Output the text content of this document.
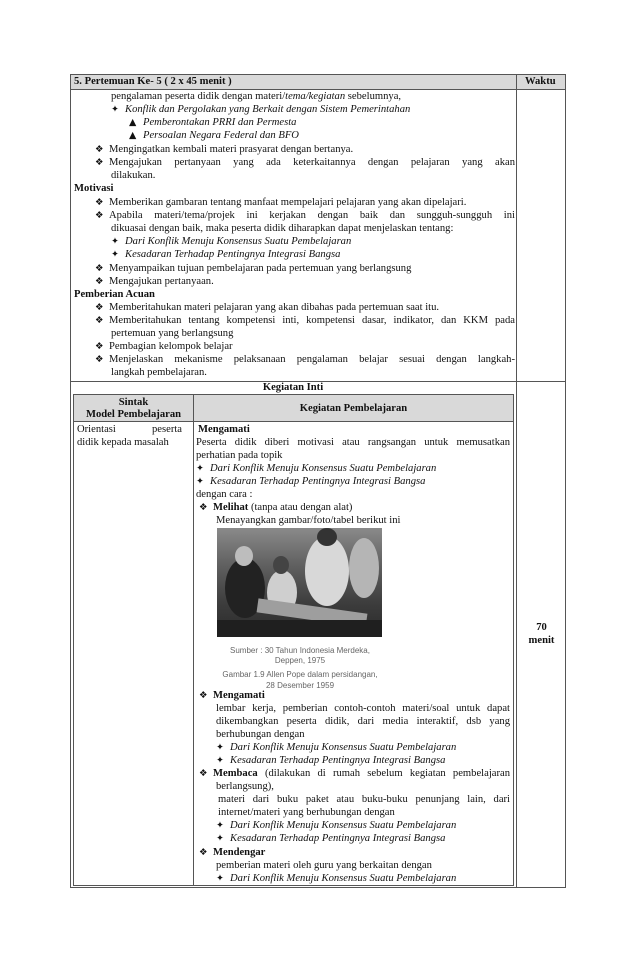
5. Pertemuan Ke- 5 ( 2 x 45 menit )	Waktu
pengalaman peserta didik dengan materi/tema/kegiatan sebelumnya,
✦ Konflik dan Pergolakan yang Berkait dengan Sistem Pemerintahan
▲ Pemberontakan PRRI dan Permesta
▲ Persoalan Negara Federal dan BFO
❖ Mengingatkan kembali materi prasyarat dengan bertanya.
❖ Mengajukan pertanyaan yang ada keterkaitannya dengan pelajaran yang akan
dilakukan.
Motivasi
❖ Memberikan gambaran tentang manfaat mempelajari pelajaran yang akan dipelajari.
❖ Apabila materi/tema/projek ini kerjakan dengan baik dan sungguh-sungguh ini
dikuasai dengan baik, maka peserta didik diharapkan dapat menjelaskan tentang:
✦ Dari Konflik Menuju Konsensus Suatu Pembelajaran
✦ Kesadaran Terhadap Pentingnya Integrasi Bangsa
❖ Menyampaikan tujuan pembelajaran pada pertemuan yang berlangsung
❖ Mengajukan pertanyaan.
Pemberian Acuan
❖ Memberitahukan materi pelajaran yang akan dibahas pada pertemuan saat itu.
❖ Memberitahukan tentang kompetensi inti, kompetensi dasar, indikator, dan KKM pada
pertemuan yang berlangsung
❖ Pembagian kelompok belajar
❖ Menjelaskan mekanisme pelaksanaan pengalaman belajar sesuai dengan langkah-
langkah pembelajaran.
Kegiatan Inti
Sintak
Model Pembelajaran
Kegiatan Pembelajaran
Orientasi	peserta
didik kepada masalah
Mengamati
Peserta didik diberi motivasi atau rangsangan untuk memusatkan
perhatian pada topik
✦ Dari Konflik Menuju Konsensus Suatu Pembelajaran
✦ Kesadaran Terhadap Pentingnya Integrasi Bangsa
dengan cara :
❖ Melihat (tanpa atau dengan alat)
Menayangkan gambar/foto/tabel berikut ini
Sumber : 30 Tahun Indonesia Merdeka,
Deppen, 1975
Gambar 1.9 Allen Pope dalam persidangan,
28 Desember 1959
❖ Mengamati
lembar kerja, pemberian contoh-contoh materi/soal untuk dapat
dikembangkan peserta didik, dari media interaktif, dsb yang
berhubungan dengan
✦ Dari Konflik Menuju Konsensus Suatu Pembelajaran
✦ Kesadaran Terhadap Pentingnya Integrasi Bangsa
❖ Membaca (dilakukan di rumah sebelum kegiatan pembelajaran
berlangsung),
materi dari buku paket atau buku-buku penunjang lain, dari
internet/materi yang berhubungan dengan
✦ Dari Konflik Menuju Konsensus Suatu Pembelajaran
✦ Kesadaran Terhadap Pentingnya Integrasi Bangsa
❖ Mendengar
pemberian materi oleh guru yang berkaitan dengan
✦ Dari Konflik Menuju Konsensus Suatu Pembelajaran
70
menit
